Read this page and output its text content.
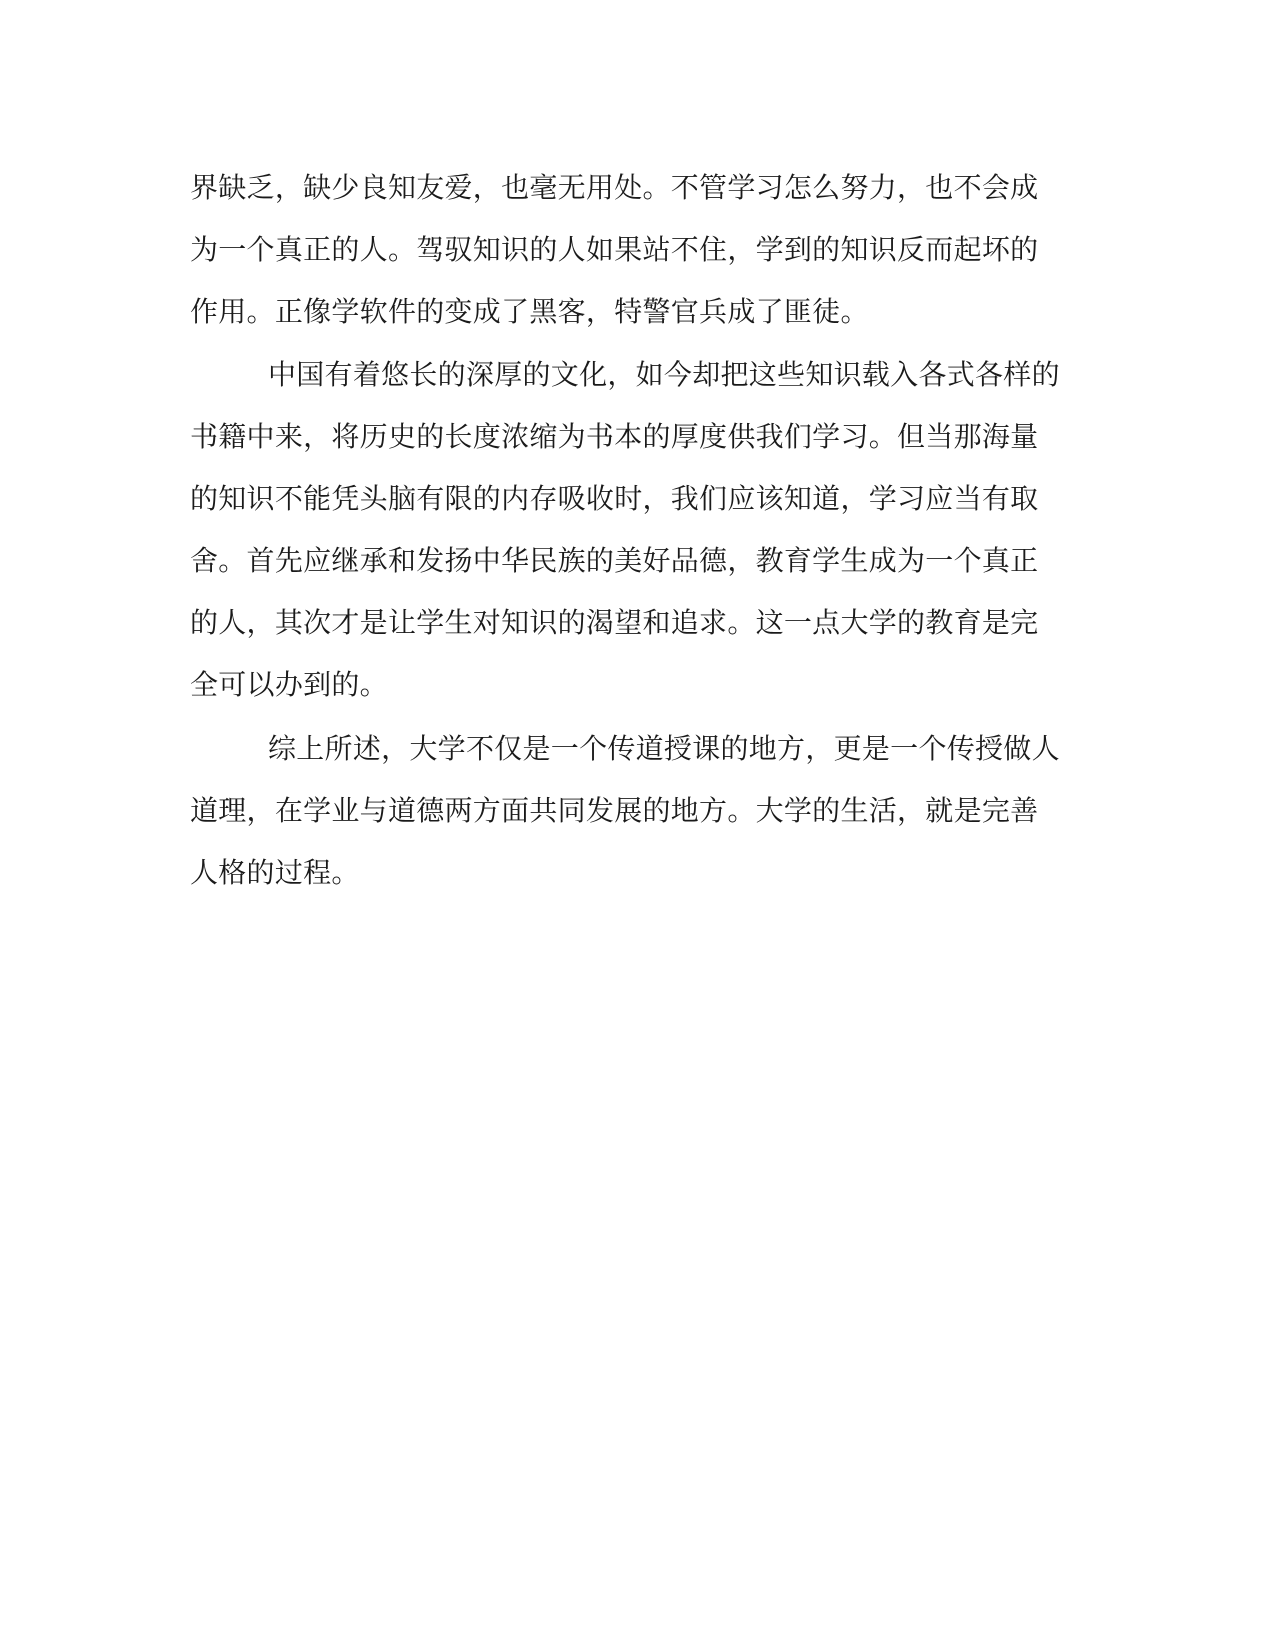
界缺乏，缺少良知友爱，也毫无用处。不管学习怎么努力，也不会成
为一个真正的人。驾驭知识的人如果站不住，学到的知识反而起坏的
作用。正像学软件的变成了黑客，特警官兵成了匪徒。
中国有着悠长的深厚的文化，如今却把这些知识载入各式各样的
书籍中来，将历史的长度浓缩为书本的厚度供我们学习。但当那海量
的知识不能凭头脑有限的内存吸收时，我们应该知道，学习应当有取
舍。首先应继承和发扬中华民族的美好品德，教育学生成为一个真正
的人，其次才是让学生对知识的渴望和追求。这一点大学的教育是完
全可以办到的。
综上所述，大学不仅是一个传道授课的地方，更是一个传授做人
道理，在学业与道德两方面共同发展的地方。大学的生活，就是完善
人格的过程。
